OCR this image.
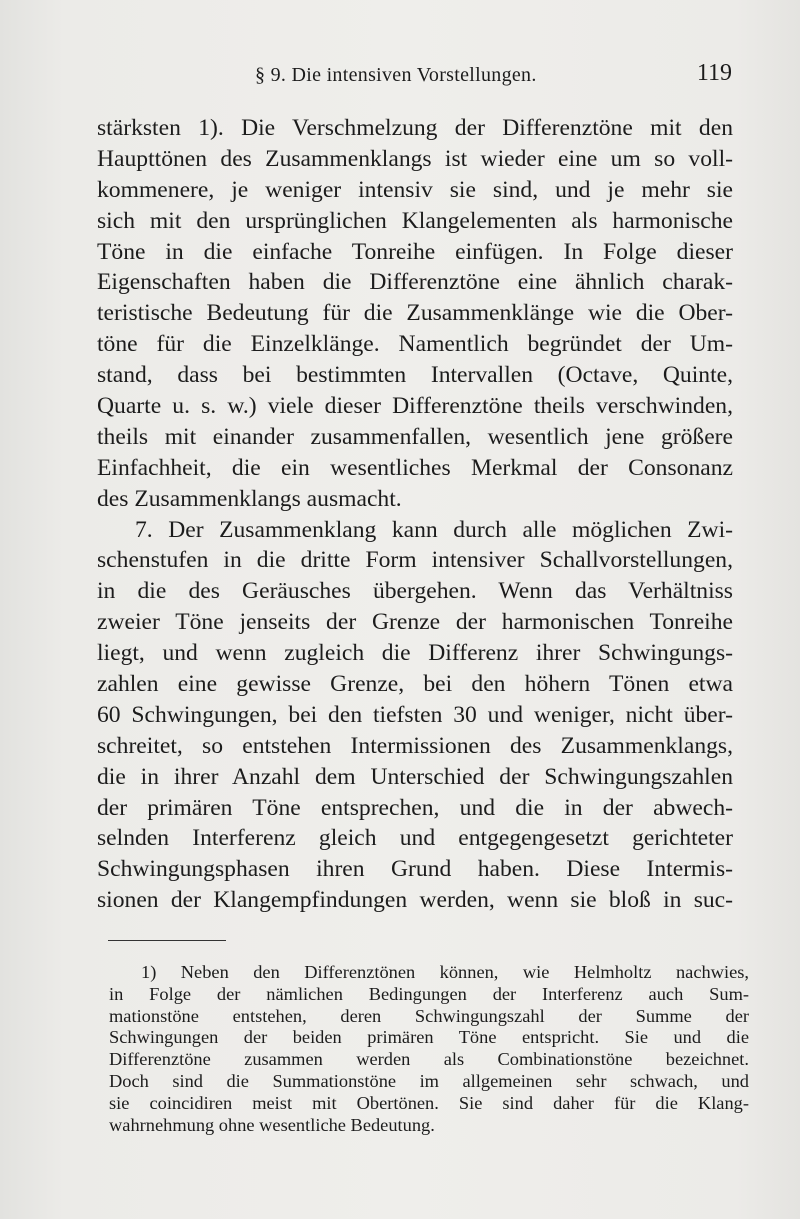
§ 9. Die intensiven Vorstellungen.	119
stärksten 1). Die Verschmelzung der Differenztöne mit den
Haupttönen des Zusammenklangs ist wieder eine um so voll-
kommenere, je weniger intensiv sie sind, und je mehr sie
sich mit den ursprünglichen Klangelementen als harmonische
Töne in die einfache Tonreihe einfügen. In Folge dieser
Eigenschaften haben die Differenztöne eine ähnlich charak-
teristische Bedeutung für die Zusammenklänge wie die Ober-
töne für die Einzelklänge. Namentlich begründet der Um-
stand, dass bei bestimmten Intervallen (Octave, Quinte,
Quarte u. s. w.) viele dieser Differenztöne theils verschwinden,
theils mit einander zusammenfallen, wesentlich jene größere
Einfachheit, die ein wesentliches Merkmal der Consonanz
des Zusammenklangs ausmacht.
7. Der Zusammenklang kann durch alle möglichen Zwi-
schenstufen in die dritte Form intensiver Schallvorstellungen,
in die des Geräusches übergehen. Wenn das Verhältniss
zweier Töne jenseits der Grenze der harmonischen Tonreihe
liegt, und wenn zugleich die Differenz ihrer Schwingungs-
zahlen eine gewisse Grenze, bei den höhern Tönen etwa
60 Schwingungen, bei den tiefsten 30 und weniger, nicht über-
schreitet, so entstehen Intermissionen des Zusammenklangs,
die in ihrer Anzahl dem Unterschied der Schwingungszahlen
der primären Töne entsprechen, und die in der abwech-
selnden Interferenz gleich und entgegengesetzt gerichteter
Schwingungsphasen ihren Grund haben. Diese Intermis-
sionen der Klangempfindungen werden, wenn sie bloß in suc-
1) Neben den Differenztönen können, wie Helmholtz nachwies,
in Folge der nämlichen Bedingungen der Interferenz auch Sum-
mationstöne entstehen, deren Schwingungszahl der Summe der
Schwingungen der beiden primären Töne entspricht. Sie und die
Differenztöne zusammen werden als Combinationstöne bezeichnet.
Doch sind die Summationstöne im allgemeinen sehr schwach, und
sie coincidiren meist mit Obertönen. Sie sind daher für die Klang-
wahrnehmung ohne wesentliche Bedeutung.
